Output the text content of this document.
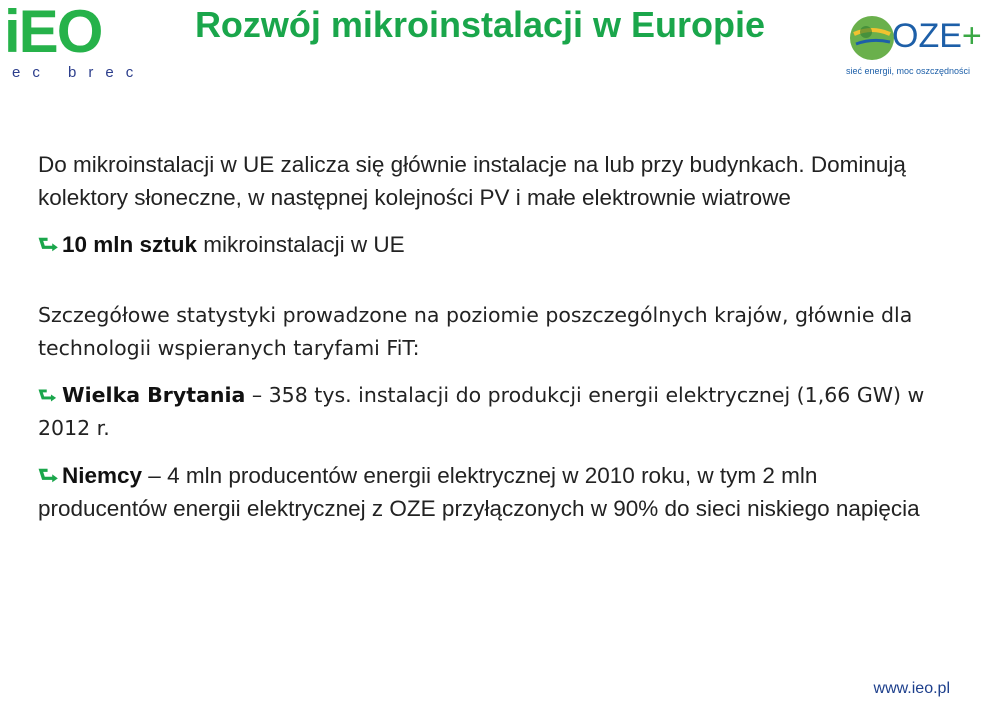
iEO
ec brec
Rozwój mikroinstalacji w Europie	OZE+
sieć energii, moc oszczędności

Do mikroinstalacji w UE zalicza się głównie instalacje na lub przy budynkach. Dominują kolektory słoneczne, w następnej kolejności PV i małe elektrownie wiatrowe

⮑ 10 mln sztuk mikroinstalacji w UE

Szczegółowe statystyki prowadzone na poziomie poszczególnych krajów, głównie dla technologii wspieranych taryfami FiT:

⮑ Wielka Brytania – 358 tys. instalacji do produkcji energii elektrycznej (1,66 GW) w 2012 r.

⮑ Niemcy – 4 mln producentów energii elektrycznej w 2010 roku, w tym 2 mln producentów energii elektrycznej z OZE przyłączonych w 90% do sieci niskiego napięcia

www.ieo.pl
